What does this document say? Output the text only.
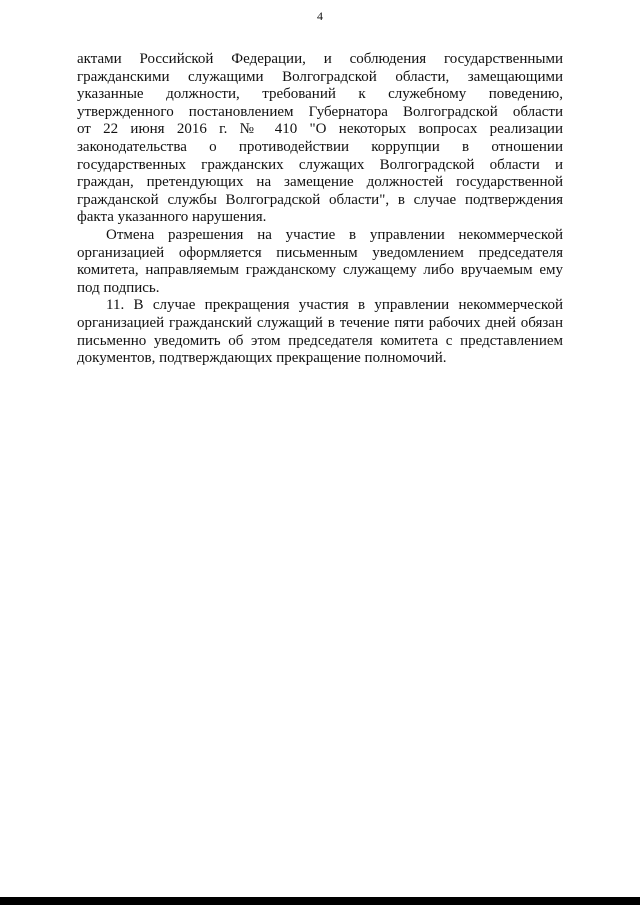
4
актами Российской Федерации, и соблюдения государственными
гражданскими служащими Волгоградской области, замещающими
указанные должности, требований к служебному поведению,
утвержденного постановлением Губернатора Волгоградской области
от 22 июня 2016 г. № 410 "О некоторых вопросах реализации
законодательства о противодействии коррупции в отношении
государственных гражданских служащих Волгоградской области и
граждан, претендующих на замещение должностей государственной
гражданской службы Волгоградской области", в случае подтверждения
факта указанного нарушения.
Отмена разрешения на участие в управлении некоммерческой
организацией оформляется письменным уведомлением председателя
комитета, направляемым гражданскому служащему либо вручаемым ему
под подпись.
11. В случае прекращения участия в управлении некоммерческой
организацией гражданский служащий в течение пяти рабочих дней обязан
письменно уведомить об этом председателя комитета с представлением
документов, подтверждающих прекращение полномочий.
